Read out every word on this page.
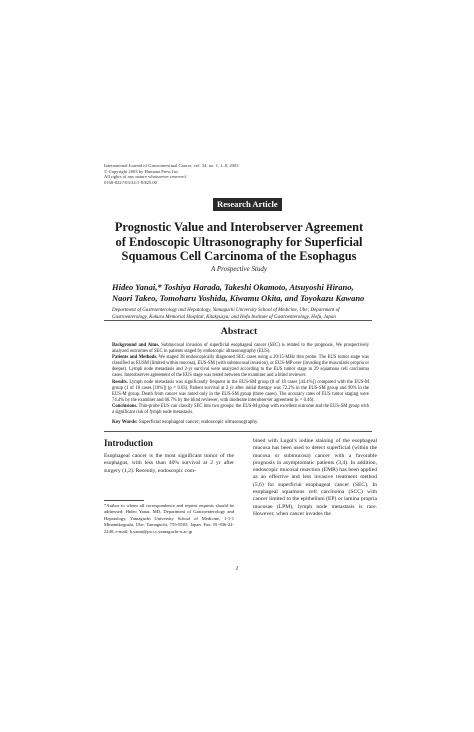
International Journal of Gastrointestinal Cancer, vol. 34, no. 1, 1–8, 2003
© Copyright 2003 by Humana Press Inc.
All rights of any nature whatsoever reserved.
0168-8227/03/34:1-8/$25.00
Research Article
Prognostic Value and Interobserver Agreement
of Endoscopic Ultrasonography for Superficial
Squamous Cell Carcinoma of the Esophagus
A Prospective Study
Hideo Yanai,* Toshiya Harada, Takeshi Okamoto, Atsuyoshi Hirano,
Naori Takeo, Tomoharu Yoshida, Kiwamu Okita, and Toyokazu Kawano
Department of Gastroenterology and Hepatology, Yamaguchi University School of Medicine, Ube; Department of Gastroenterology, Kokura Memorial Hospital, Kitakyusyu; and Hofu Institute of Gastroenterology, Hofu, Japan
Abstract

Background and Aims. Submucosal invasion of superficial esophageal cancer (SEC) is related to the prognosis. We prospectively analyzed outcomes of SEC in patients staged by endoscopic ultrasonography (EUS).

Patients and Methods. We staged 38 endoscopically diagnosed SEC cases using a 20/15-MHz thin probe. The EUS tumor stage was classified as EUSM (limited within mucosa), EUS-SM (with submucosal invasion), or EUS-MP over (invading the muscularis propria or deeper). Lymph node metastasis and 2-yr survival were analyzed according to the EUS tumor stage in 29 squamous cell carcinoma cases. Interobserver agreement of the EUS stage was tested between the examiner and a blind reviewer.

Results. Lymph node metastasis was significantly frequent in the EUS-SM group (8 of 18 cases [44.4%]) compared with the EUS-M group (1 of 10 cases [10%]) (p = 0.03). Patient survival at 2 yr after initial therapy was 72.2% in the EUS-SM group and 90% in the EUS-M group. Death from cancer was noted only in the EUS-SM group (three cases). The accuracy rates of EUS tumor staging were 74.4% by the examiner and 66.7% by the blind reviewer, with moderate interobserver agreement (κ = 0.46).

Conclusions. Thin-probe EUS can classify SEC into two groups: the EUS-M group with excellent outcome and the EUS-SM group with a significant risk of lymph node metastasis.

Key Words: Superficial esophageal cancer; endoscopic ultrasonography.
Introduction

Esophageal cancer is the most significant tumor of the esophagus, with less than 40% survival at 2 yr after surgery (1,2). Recently, endoscopic com-

*Author to whom all correspondence and reprint requests should be addressed: Hideo Yanai, MD, Department of Gastroenterology and Hepatology, Yamaguchi University School of Medicine, 1-1-1 Minamikogushi, Ube, Yamaguchi, 755-8505, Japan. Fax: 81-836-22-2240, e-mail: h.yanai@po.cc.yamaguchi-u.ac.jp

bined with Lugol's iodine staining of the esophageal mucosa has been used to detect superficial (within the mucosa or submucosa) cancer with a favorable prognosis in asymptomatic patients (3,4). In addition, endoscopic mucosal resection (EMR) has been applied as an effective and less invasive treatment method (5,6) for superficial esophageal cancer (SEC). In esophageal squamous cell carcinoma (SCC) with cancer limited to the epithelium (EP) or lamina propria mucosae (LPM), lymph node metastasis is rare. However, when cancer invades the

1
